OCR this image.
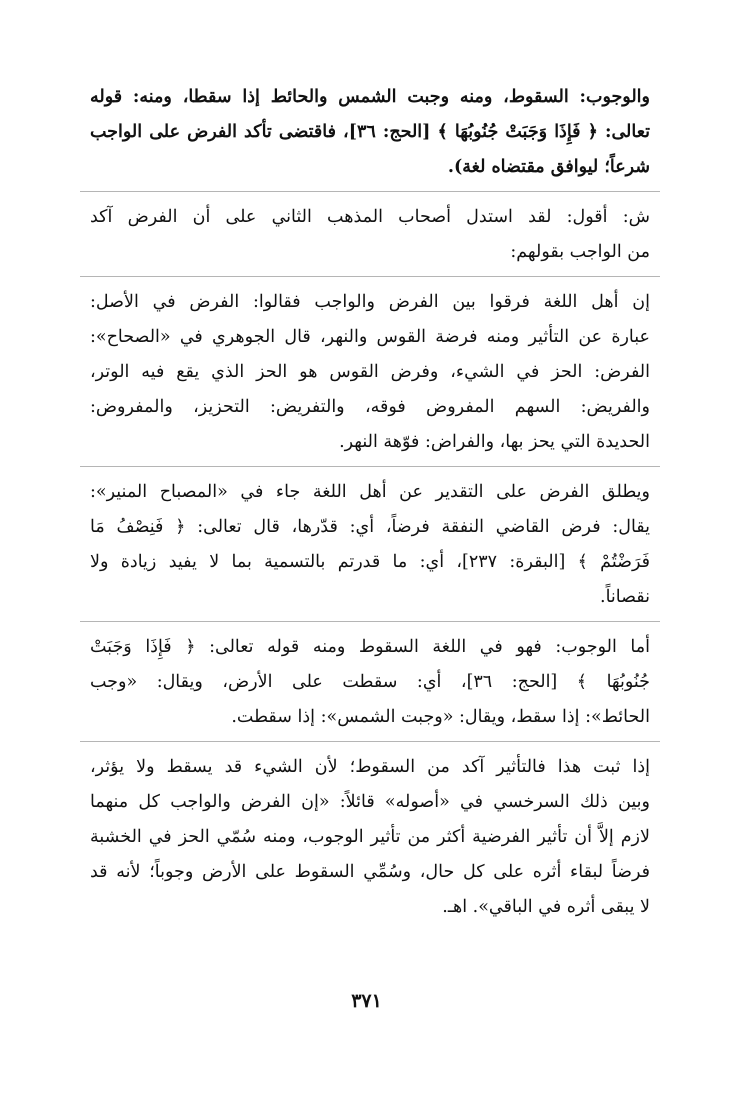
والوجوب: السقوط، ومنه وجبت الشمس والحائط إذا سقطا، ومنه: قوله
تعالى: ﴿ فَإِذَا وَجَبَتْ جُنُوبُهَا ﴾ [الحج: ٣٦]، فاقتضى تأكد الفرض على الواجب
شرعاً؛ ليوافق مقتضاه لغة).
ش: أقول: لقد استدل أصحاب المذهب الثاني على أن الفرض آكد
من الواجب بقولهم:
إن أهل اللغة فرقوا بين الفرض والواجب فقالوا: الفرض في الأصل:
عبارة عن التأثير ومنه فرضة القوس والنهر، قال الجوهري في «الصحاح»:
الفرض: الحز في الشيء، وفرض القوس هو الحز الذي يقع فيه الوتر،
والفريض: السهم المفروض فوقه، والتفريض: التحزيز، والمفروض:
الحديدة التي يحز بها، والفراض: فوّهة النهر.
ويطلق الفرض على التقدير عن أهل اللغة جاء في «المصباح المنير»:
يقال: فرض القاضي النفقة فرضاً، أي: قدّرها، قال تعالى: ﴿ فَنِصْفُ مَا
فَرَضْتُمْ ﴾ [البقرة: ٢٣٧]، أي: ما قدرتم بالتسمية بما لا يفيد زيادة ولا
نقصاناً.
أما الوجوب: فهو في اللغة السقوط ومنه قوله تعالى: ﴿ فَإِذَا وَجَبَتْ
جُنُوبُهَا ﴾ [الحج: ٣٦]، أي: سقطت على الأرض، ويقال: «وجب
الحائط»: إذا سقط، ويقال: «وجبت الشمس»: إذا سقطت.
إذا ثبت هذا فالتأثير آكد من السقوط؛ لأن الشيء قد يسقط ولا يؤثر،
وبين ذلك السرخسي في «أصوله» قائلاً: «إن الفرض والواجب كل منهما
لازم إلاَّ أن تأثير الفرضية أكثر من تأثير الوجوب، ومنه سُمّي الحز في الخشبة
فرضاً لبقاء أثره على كل حال، وسُمِّي السقوط على الأرض وجوباً؛ لأنه قد
لا يبقى أثره في الباقي». اهـ.
٣٧١
